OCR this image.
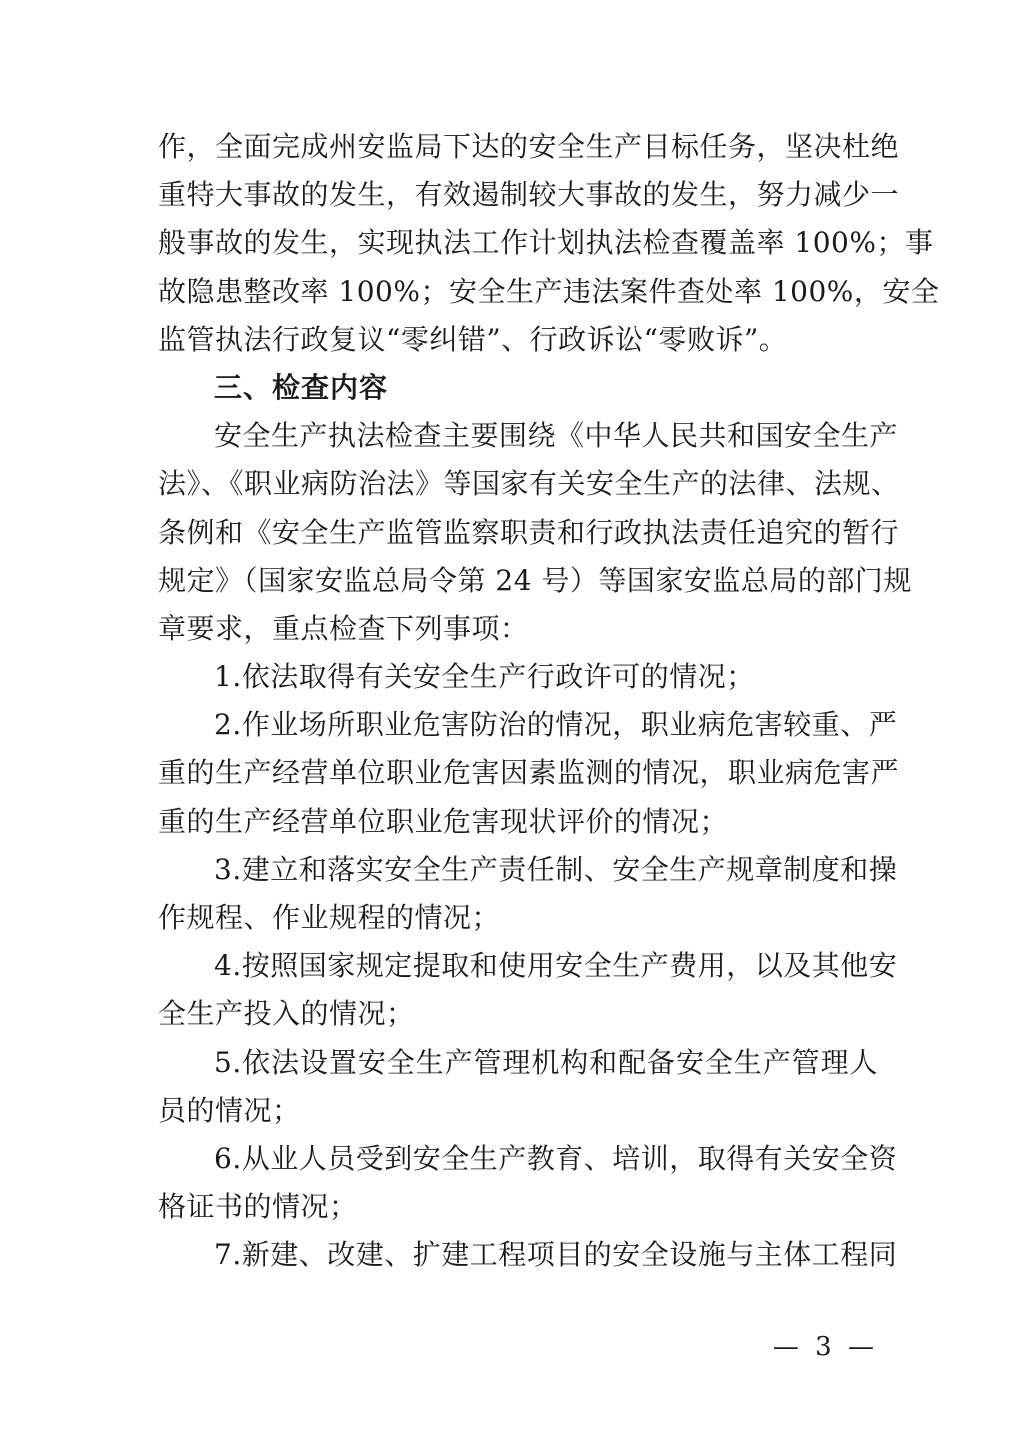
作，全面完成州安监局下达的安全生产目标任务，坚决杜绝
重特大事故的发生，有效遏制较大事故的发生，努力减少一
般事故的发生，实现执法工作计划执法检查覆盖率 100%；事
故隐患整改率 100%；安全生产违法案件查处率 100%，安全
监管执法行政复议“零纠错”、行政诉讼“零败诉”。
三、检查内容
安全生产执法检查主要围绕《中华人民共和国安全生产
法》、《职业病防治法》等国家有关安全生产的法律、法规、
条例和《安全生产监管监察职责和行政执法责任追究的暂行
规定》（国家安监总局令第 24 号）等国家安监总局的部门规
章要求，重点检查下列事项：
1.依法取得有关安全生产行政许可的情况；
2.作业场所职业危害防治的情况，职业病危害较重、严
重的生产经营单位职业危害因素监测的情况，职业病危害严
重的生产经营单位职业危害现状评价的情况；
3.建立和落实安全生产责任制、安全生产规章制度和操
作规程、作业规程的情况；
4.按照国家规定提取和使用安全生产费用，以及其他安
全生产投入的情况；
5.依法设置安全生产管理机构和配备安全生产管理人
员的情况；
6.从业人员受到安全生产教育、培训，取得有关安全资
格证书的情况；
7.新建、改建、扩建工程项目的安全设施与主体工程同
— 3 —
